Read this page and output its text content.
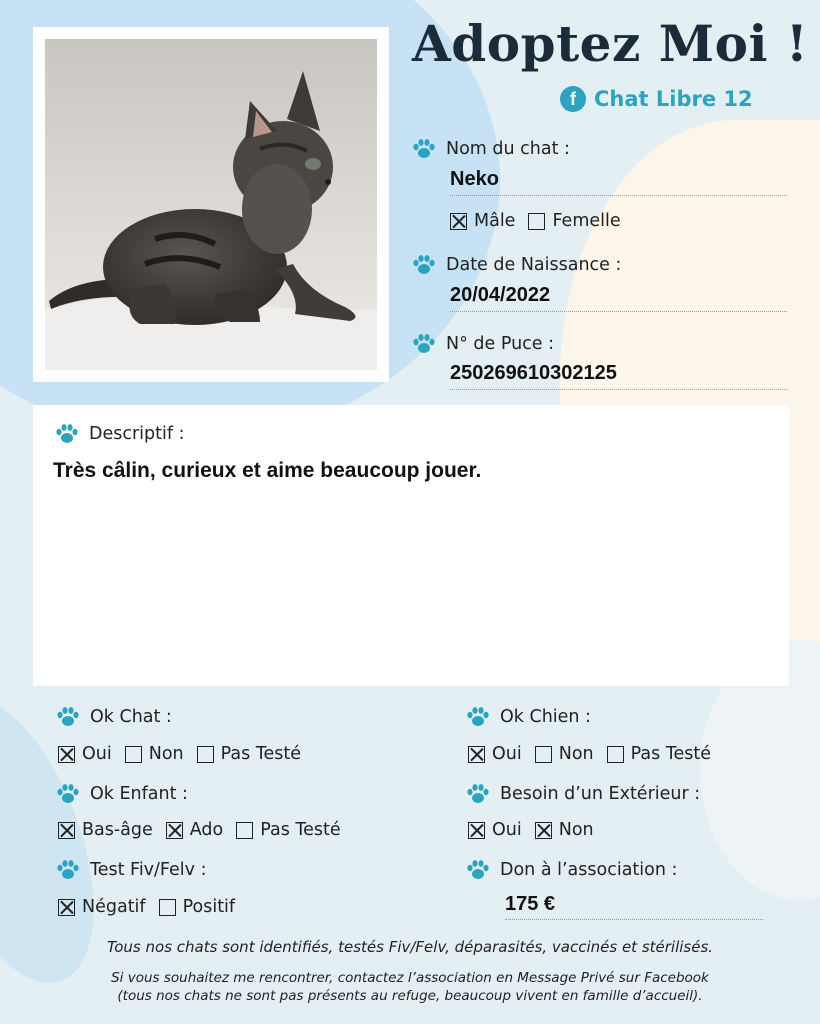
Adoptez Moi !
f Chat Libre 12
Nom du chat :
Neko
Mâle Femelle
Date de Naissance :
20/04/2022
N° de Puce :
250269610302125
Descriptif :
Très câlin, curieux et aime beaucoup jouer.
Ok Chat :
Oui Non Pas Testé
Ok Chien :
Oui Non Pas Testé
Ok Enfant :
Bas-âge Ado Pas Testé
Besoin d’un Extérieur :
Oui Non
Test Fiv/Felv :
Négatif Positif
Don à l’association :
175 €
Tous nos chats sont identifiés, testés Fiv/Felv, déparasités, vaccinés et stérilisés.
Si vous souhaitez me rencontrer, contactez l’association en Message Privé sur Facebook
(tous nos chats ne sont pas présents au refuge, beaucoup vivent en famille d’accueil).
